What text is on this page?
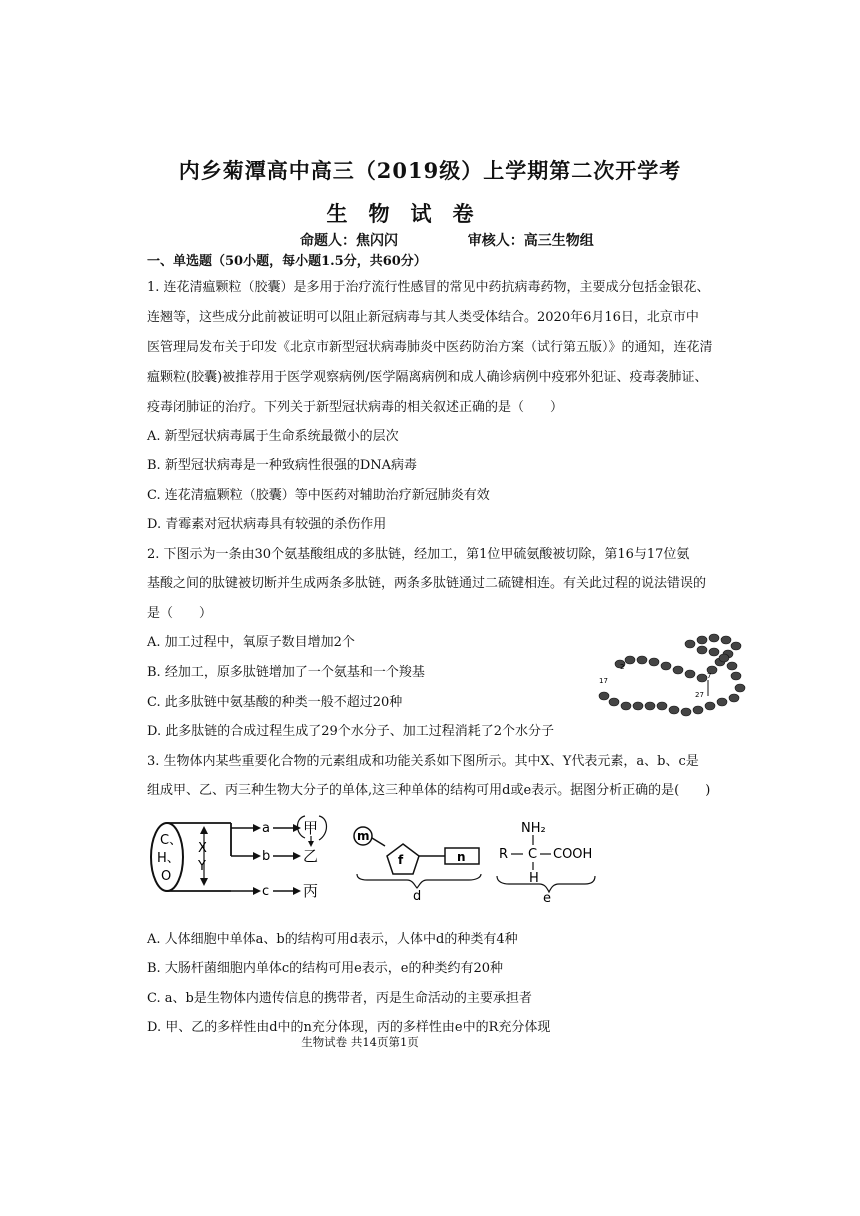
内乡菊潭高中高三（2019级）上学期第二次开学考
生　物　试　卷
命题人：焦闪闪	审核人：高三生物组
一、单选题（50小题，每小题1.5分，共60分）
1. 连花清瘟颗粒（胶囊）是多用于治疗流行性感冒的常见中药抗病毒药物，主要成分包括金银花、
连翘等，这些成分此前被证明可以阻止新冠病毒与其人类受体结合。2020年6月16日，北京市中
医管理局发布关于印发《北京市新型冠状病毒肺炎中医药防治方案（试行第五版）》的通知，连花清
瘟颗粒(胶囊)被推荐用于医学观察病例/医学隔离病例和成人确诊病例中疫邪外犯证、疫毒袭肺证、
疫毒闭肺证的治疗。下列关于新型冠状病毒的相关叙述正确的是（　　）
A. 新型冠状病毒属于生命系统最微小的层次
B. 新型冠状病毒是一种致病性很强的DNA病毒
C. 连花清瘟颗粒（胶囊）等中医药对辅助治疗新冠肺炎有效
D. 青霉素对冠状病毒具有较强的杀伤作用
2. 下图示为一条由30个氨基酸组成的多肽链，经加工，第1位甲硫氨酸被切除，第16与17位氨
基酸之间的肽键被切断并生成两条多肽链，两条多肽链通过二硫键相连。有关此过程的说法错误的
是（　　）
A. 加工过程中，氧原子数目增加2个
B. 经加工，原多肽链增加了一个氨基和一个羧基
C. 此多肽链中氨基酸的种类一般不超过20种
D. 此多肽链的合成过程生成了29个水分子、加工过程消耗了2个水分子
2
17
7
27
3. 生物体内某些重要化合物的元素组成和功能关系如下图所示。其中X、Y代表元素，a、b、c是
组成甲、乙、丙三种生物大分子的单体,这三种单体的结构可用d或e表示。据图分析正确的是(　　)
C、
H、
O
X
Y
a
b
c
甲
乙
丙
m
f	n
d
NH₂
R C COOH
H
e
A. 人体细胞中单体a、b的结构可用d表示，人体中d的种类有4种
B. 大肠杆菌细胞内单体c的结构可用e表示，e的种类约有20种
C. a、b是生物体内遗传信息的携带者，丙是生命活动的主要承担者
D. 甲、乙的多样性由d中的n充分体现，丙的多样性由e中的R充分体现
生物试卷 共14页第1页
